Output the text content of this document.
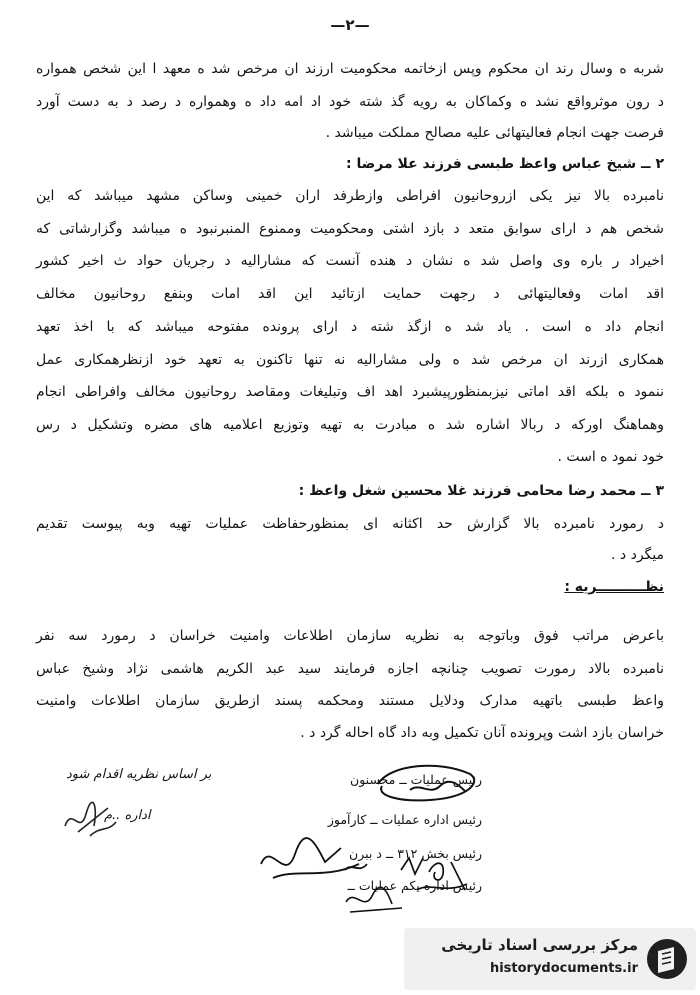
—۲—
شربه ه وسال رند ان محکوم وپس ازخاتمه محکومیت ارزند ان مرخص شد ه معهد ا این شخص همواره
د رون موثرواقع نشد ه وکماکان به رویه گذ شته خود اد امه داد ه وهمواره د رصد د به دست آورد
فرصت جهت انجام فعالیتهائی علیه مصالح مملکت میباشد .
۲ ــ شیخ عباس واعظ طبسی فرزند علا مرضا :
نامبرده بالا نیز یکی ازروحانیون افراطی وازطرفد اران خمینی وساکن مشهد میباشد که این
شخص هم د ارای سوابق متعد د بازد اشتی ومحکومیت وممنوع المنبرنبود ه میباشد وگزارشاتی که
اخیراد ر باره وی واصل شد ه نشان د هنده آنست که مشارالیه د رجریان حواد ث اخیر کشور
اقد امات وفعالیتهائی د رجهت حمایت ازتائید این اقد امات وبنفع روحانیون مخالف
انجام داد ه است . یاد شد ه ازگذ شته د ارای پرونده مفتوحه میباشد که با اخذ تعهد
همکاری ازرند ان مرخص شد ه ولی مشارالیه نه تنها تاکنون به تعهد خود ازنظرهمکاری عمل
ننمود ه بلکه اقد اماتی نیزبمنظورپیشبرد اهد اف وتبلیغات ومقاصد روحانیون مخالف وافراطی انجام
وهماهنگ اورکه د ربالا اشاره شد ه مبادرت به تهیه وتوزیع اعلامیه های مضره وتشکیل د رس
خود نمود ه است .
۳ ــ محمد رضا محامی فرزند غلا محسین شغل واعظ :
د رمورد نامبرده بالا گزارش حد اکثانه ای بمنظورحفاظت عملیات تهیه وبه پیوست تقدیم
میگرد د .
نظــــــــــریه :
باعرض مراتب فوق وباتوجه به نظریه سازمان اطلاعات وامنیت خراسان د رمورد سه نفر
نامبرده بالاد رمورت تصویب چنانچه اجازه فرمایند سید عبد الکریم هاشمی نژاد وشیخ عباس
واعظ طبسی باتهیه مدارک ودلایل مستند ومحکمه پسند ازطریق سازمان اطلاعات وامنیت
خراسان بازد اشت وپرونده آنان تکمیل وبه داد گاه احاله گرد د .
بر اساس نظریه اقدام شود
اداره ..م
رئیس عملیات ــ محسنون
رئیس اداره عملیات ــ کارآموز
رئیس بخش ۳۱۲ ــ د ببرن
رئیس اداره یکم عملیات ــ
مرکز بررسی اسناد تاریخی
historydocuments.ir
